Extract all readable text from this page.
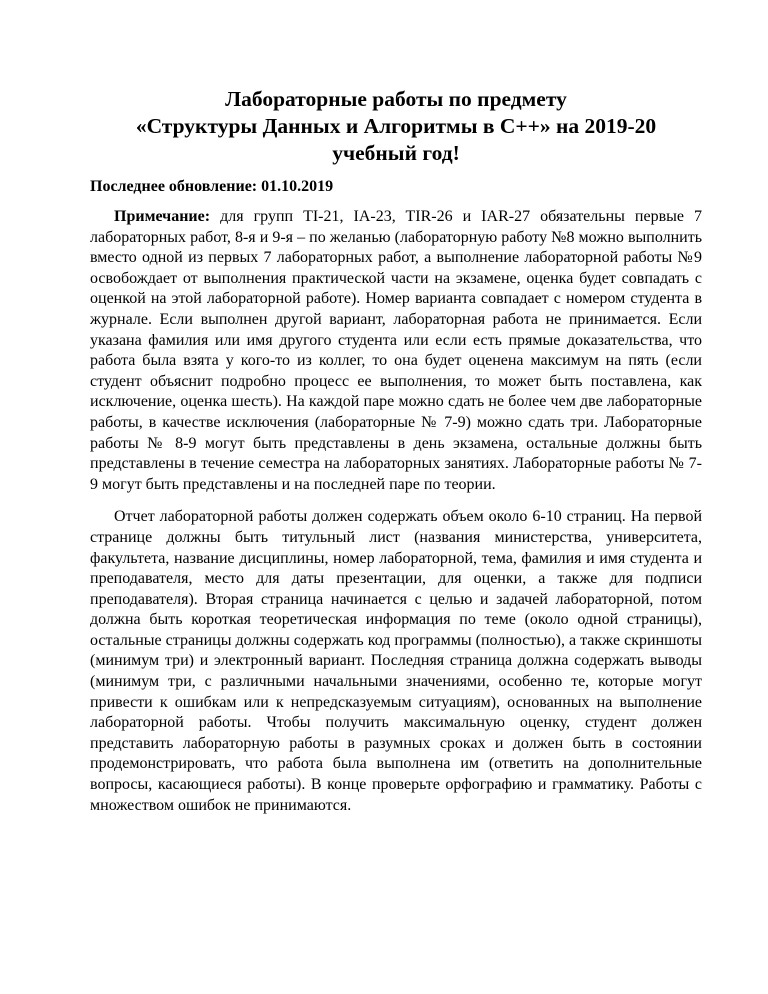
Лабораторные работы по предмету
«Структуры Данных и Алгоритмы в C++» на 2019-20
учебный год!

Последнее обновление: 01.10.2019

Примечание: для групп TI-21, IA-23, TIR-26 и IAR-27 обязательны первые 7 лабораторных работ, 8-я и 9-я – по желанью (лабораторную работу №8 можно выполнить вместо одной из первых 7 лабораторных работ, а выполнение лабораторной работы №9 освобождает от выполнения практической части на экзамене, оценка будет совпадать с оценкой на этой лабораторной работе). Номер варианта совпадает с номером студента в журнале. Если выполнен другой вариант, лабораторная работа не принимается. Если указана фамилия или имя другого студента или если есть прямые доказательства, что работа была взята у кого-то из коллег, то она будет оценена максимум на пять (если студент объяснит подробно процесс ее выполнения, то может быть поставлена, как исключение, оценка шесть). На каждой паре можно сдать не более чем две лабораторные работы, в качестве исключения (лабораторные № 7-9) можно сдать три. Лабораторные работы № 8-9 могут быть представлены в день экзамена, остальные должны быть представлены в течение семестра на лабораторных занятиях. Лабораторные работы № 7-9 могут быть представлены и на последней паре по теории.

Отчет лабораторной работы должен содержать объем около 6-10 страниц. На первой странице должны быть титульный лист (названия министерства, университета, факультета, название дисциплины, номер лабораторной, тема, фамилия и имя студента и преподавателя, место для даты презентации, для оценки, а также для подписи преподавателя). Вторая страница начинается с целью и задачей лабораторной, потом должна быть короткая теоретическая информация по теме (около одной страницы), остальные страницы должны содержать код программы (полностью), а также скриншоты (минимум три) и электронный вариант. Последняя страница должна содержать выводы (минимум три, с различными начальными значениями, особенно те, которые могут привести к ошибкам или к непредсказуемым ситуациям), основанных на выполнение лабораторной работы. Чтобы получить максимальную оценку, студент должен представить лабораторную работы в разумных сроках и должен быть в состоянии продемонстрировать, что работа была выполнена им (ответить на дополнительные вопросы, касающиеся работы). В конце проверьте орфографию и грамматику. Работы с множеством ошибок не принимаются.
